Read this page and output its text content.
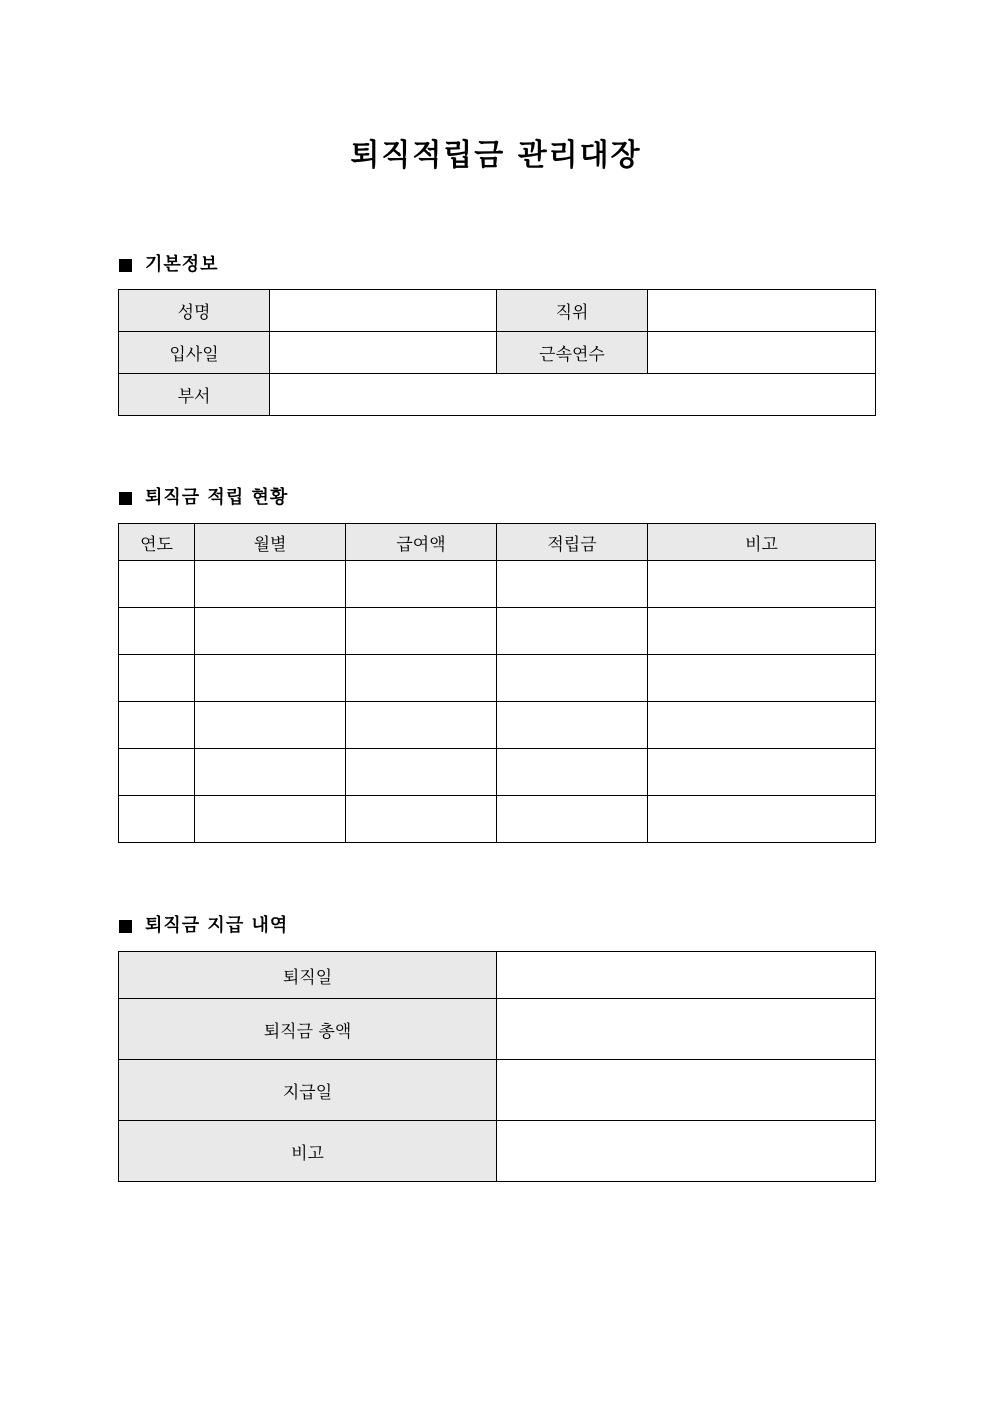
퇴직적립금 관리대장
기본정보
성명		직위	
입사일		근속연수	
부서			
퇴직금 적립 현황
연도	월별	급여액	적립금	비고

퇴직금 지급 내역
퇴직일	
퇴직금 총액	
지급일	
비고	
